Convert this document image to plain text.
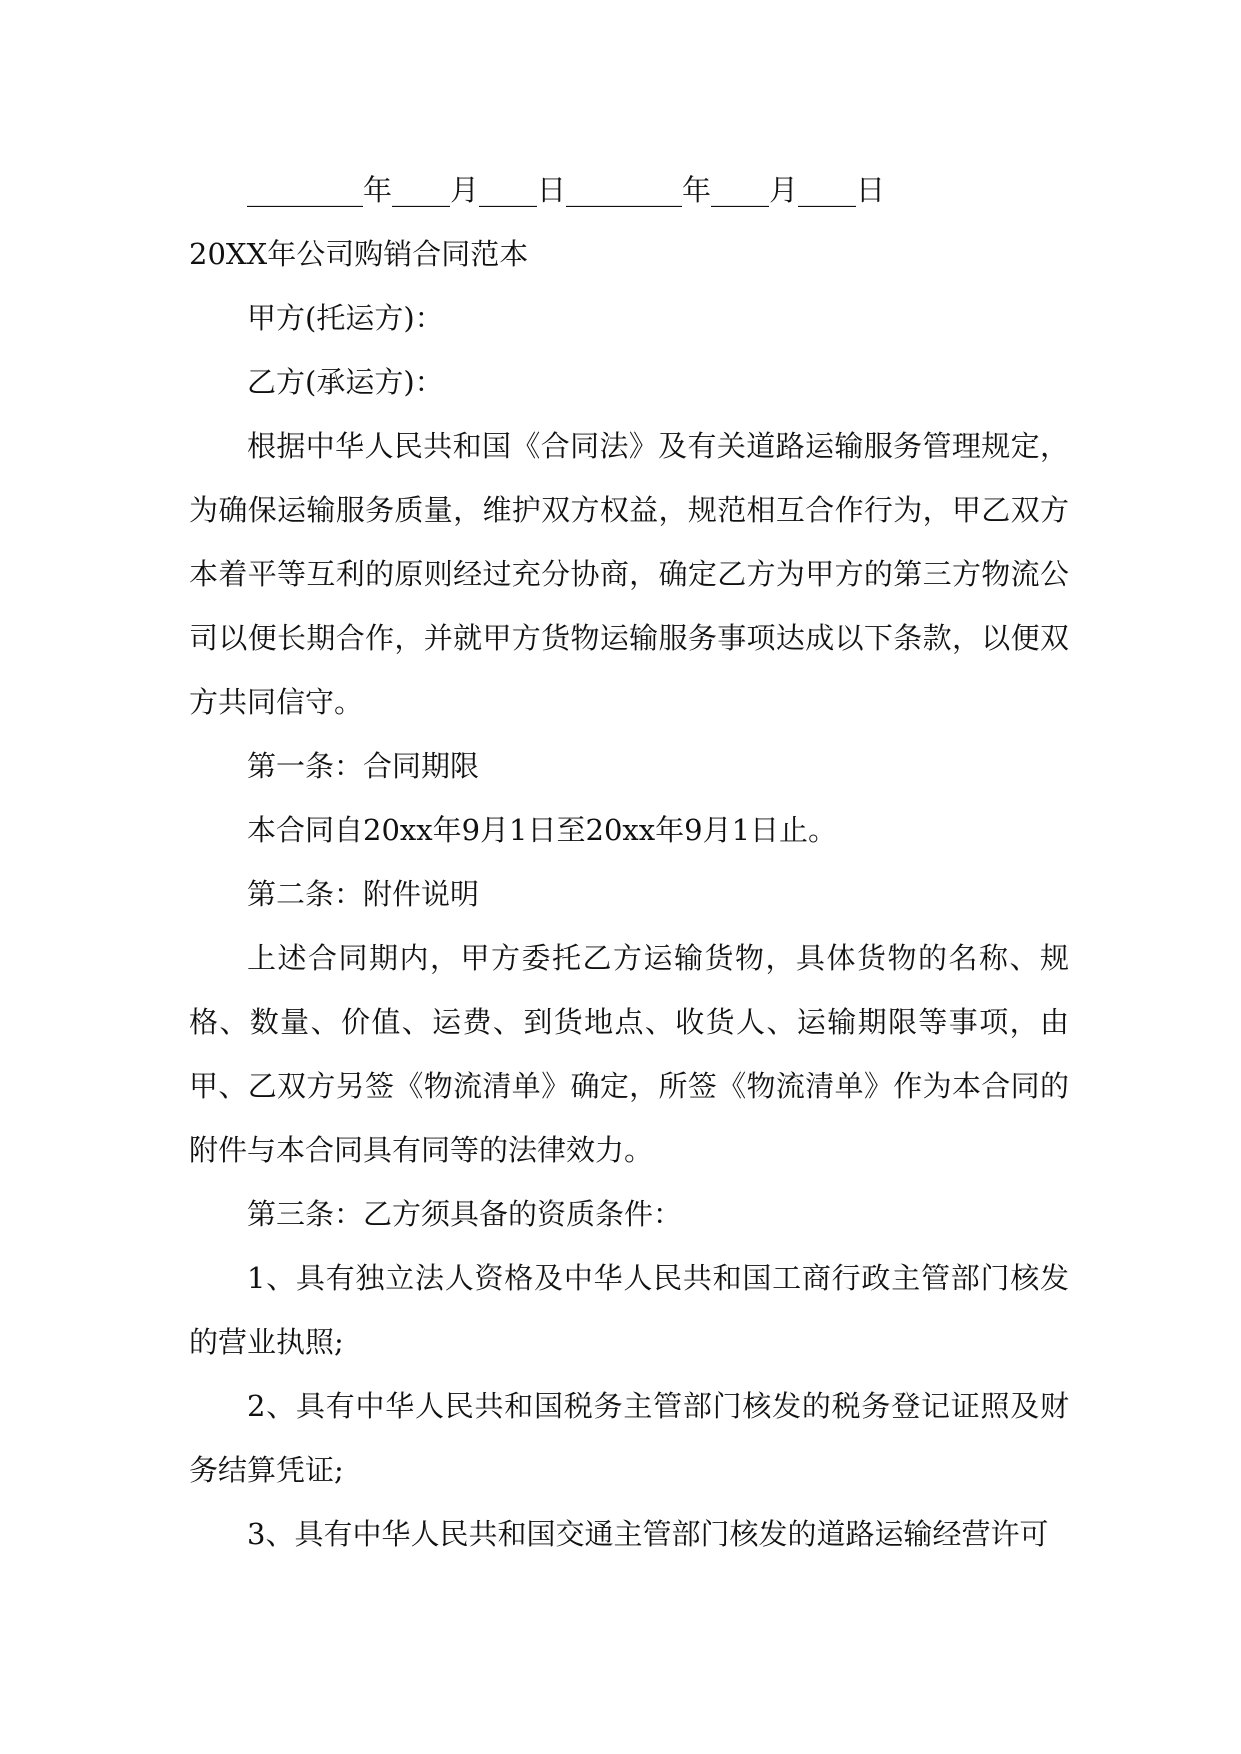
________年____月____日________年____月____日

20XX年公司购销合同范本

甲方(托运方)：

乙方(承运方)：

根据中华人民共和国《合同法》及有关道路运输服务管理规定，为确保运输服务质量，维护双方权益，规范相互合作行为，甲乙双方本着平等互利的原则经过充分协商，确定乙方为甲方的第三方物流公司以便长期合作，并就甲方货物运输服务事项达成以下条款，以便双方共同信守。

第一条：合同期限

本合同自20xx年9月1日至20xx年9月1日止。

第二条：附件说明

上述合同期内，甲方委托乙方运输货物，具体货物的名称、规格、数量、价值、运费、到货地点、收货人、运输期限等事项，由甲、乙双方另签《物流清单》确定，所签《物流清单》作为本合同的附件与本合同具有同等的法律效力。

第三条：乙方须具备的资质条件：

1、具有独立法人资格及中华人民共和国工商行政主管部门核发的营业执照;

2、具有中华人民共和国税务主管部门核发的税务登记证照及财务结算凭证;

3、具有中华人民共和国交通主管部门核发的道路运输经营许可
